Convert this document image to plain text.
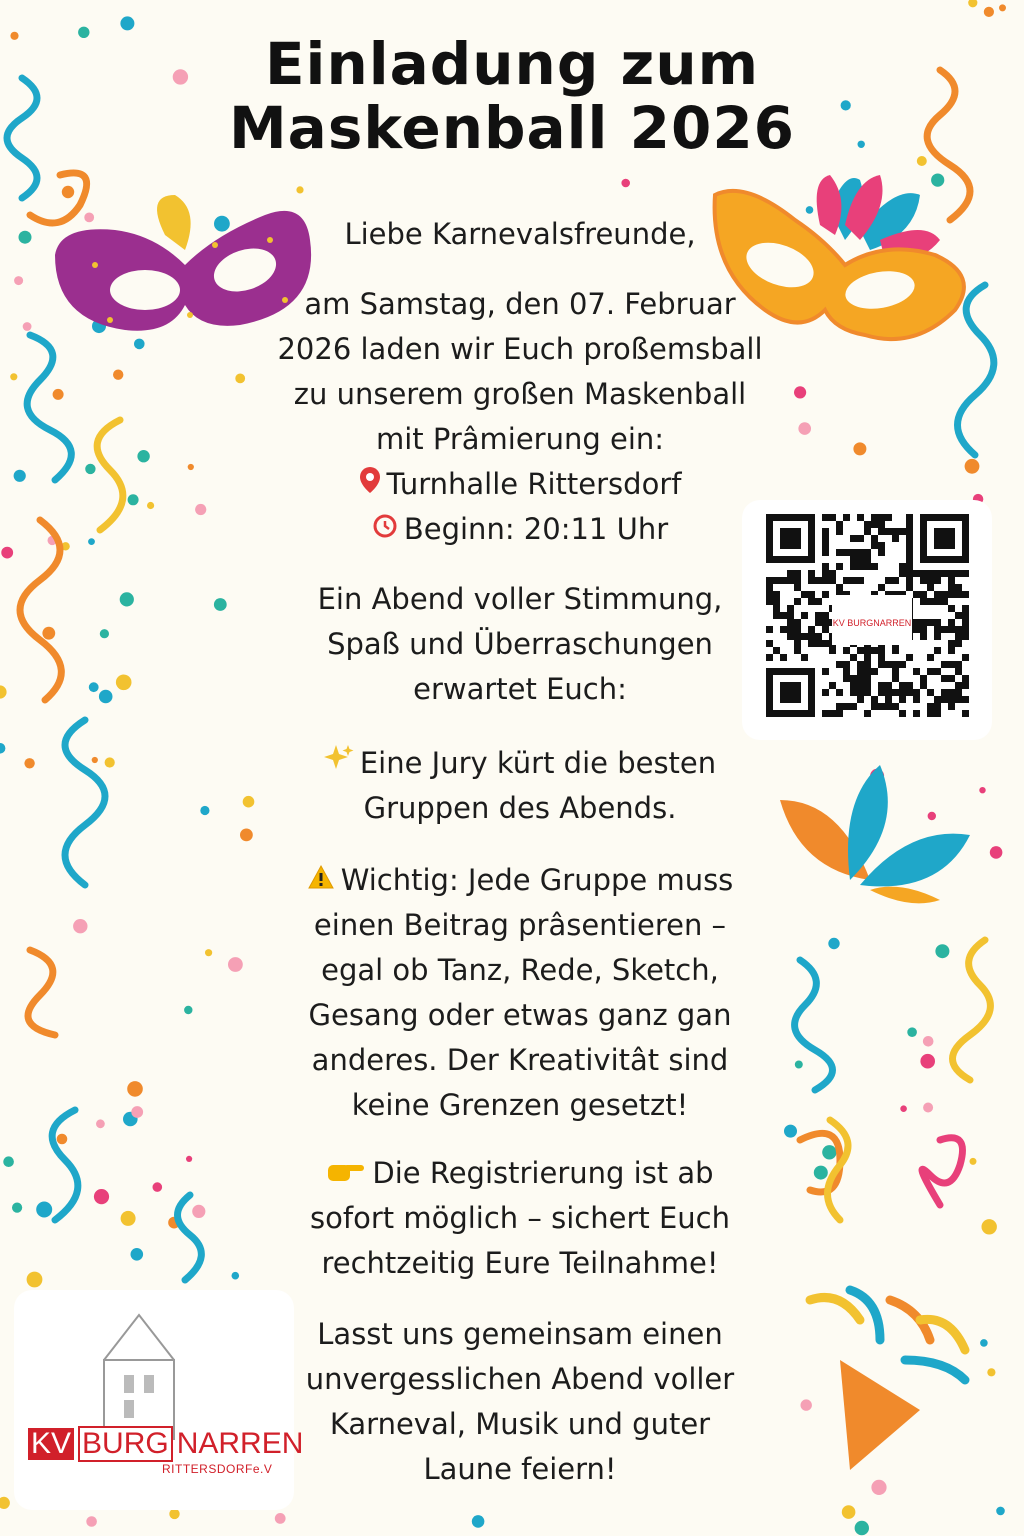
Einladung zum
Maskenball 2026
Liebe Karnevalsfreunde,
am Samstag, den 07. Februar
2026 laden wir Euch proßemsball
zu unserem großen Maskenball
mit Prâmierung ein:
Turnhalle Rittersdorf
Beginn: 20:11 Uhr
Ein Abend voller Stimmung,
Spaß und Überraschungen
erwartet Euch:
Eine Jury kürt die besten
Gruppen des Abends.
Wichtig: Jede Gruppe muss
einen Beitrag prâsentieren –
egal ob Tanz, Rede, Sketch,
Gesang oder etwas ganz gan
anderes. Der Kreativitât sind
keine Grenzen gesetzt!
Die Registrierung ist ab
sofort möglich – sichert Euch
rechtzeitig Eure Teilnahme!
Lasst uns gemeinsam einen
unvergesslichen Abend voller
Karneval, Musik und guter
Laune feiern!
KV BURGNARREN
KV BURG NARREN
RITTERSDORFe.V
